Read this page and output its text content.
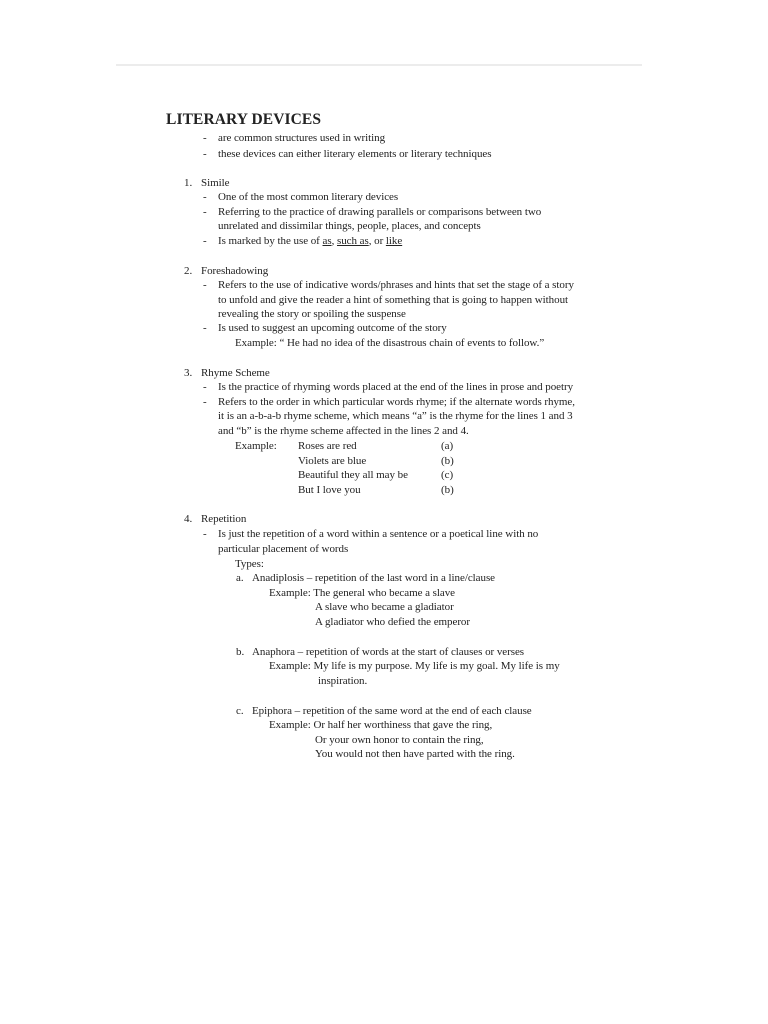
LITERARY DEVICES
- are common structures used in writing
- these devices can either literary elements or literary techniques
1. Simile
- One of the most common literary devices
- Referring to the practice of drawing parallels or comparisons between two
unrelated and dissimilar things, people, places, and concepts
- Is marked by the use of as, such as, or like
2. Foreshadowing
- Refers to the use of indicative words/phrases and hints that set the stage of a story
to unfold and give the reader a hint of something that is going to happen without
revealing the story or spoiling the suspense
- Is used to suggest an upcoming outcome of the story
Example: “ He had no idea of the disastrous chain of events to follow.”
3. Rhyme Scheme
- Is the practice of rhyming words placed at the end of the lines in prose and poetry
- Refers to the order in which particular words rhyme; if the alternate words rhyme,
it is an a-b-a-b rhyme scheme, which means “a” is the rhyme for the lines 1 and 3
and “b” is the rhyme scheme affected in the lines 2 and 4.
Example: Roses are red	(a)
Violets are blue	(b)
Beautiful they all may be	(c)
But I love you	(b)
4. Repetition
- Is just the repetition of a word within a sentence or a poetical line with no
particular placement of words
Types:
a. Anadiplosis – repetition of the last word in a line/clause
Example: The general who became a slave
A slave who became a gladiator
A gladiator who defied the emperor
b. Anaphora – repetition of words at the start of clauses or verses
Example: My life is my purpose. My life is my goal. My life is my
inspiration.
c. Epiphora – repetition of the same word at the end of each clause
Example: Or half her worthiness that gave the ring,
Or your own honor to contain the ring,
You would not then have parted with the ring.
